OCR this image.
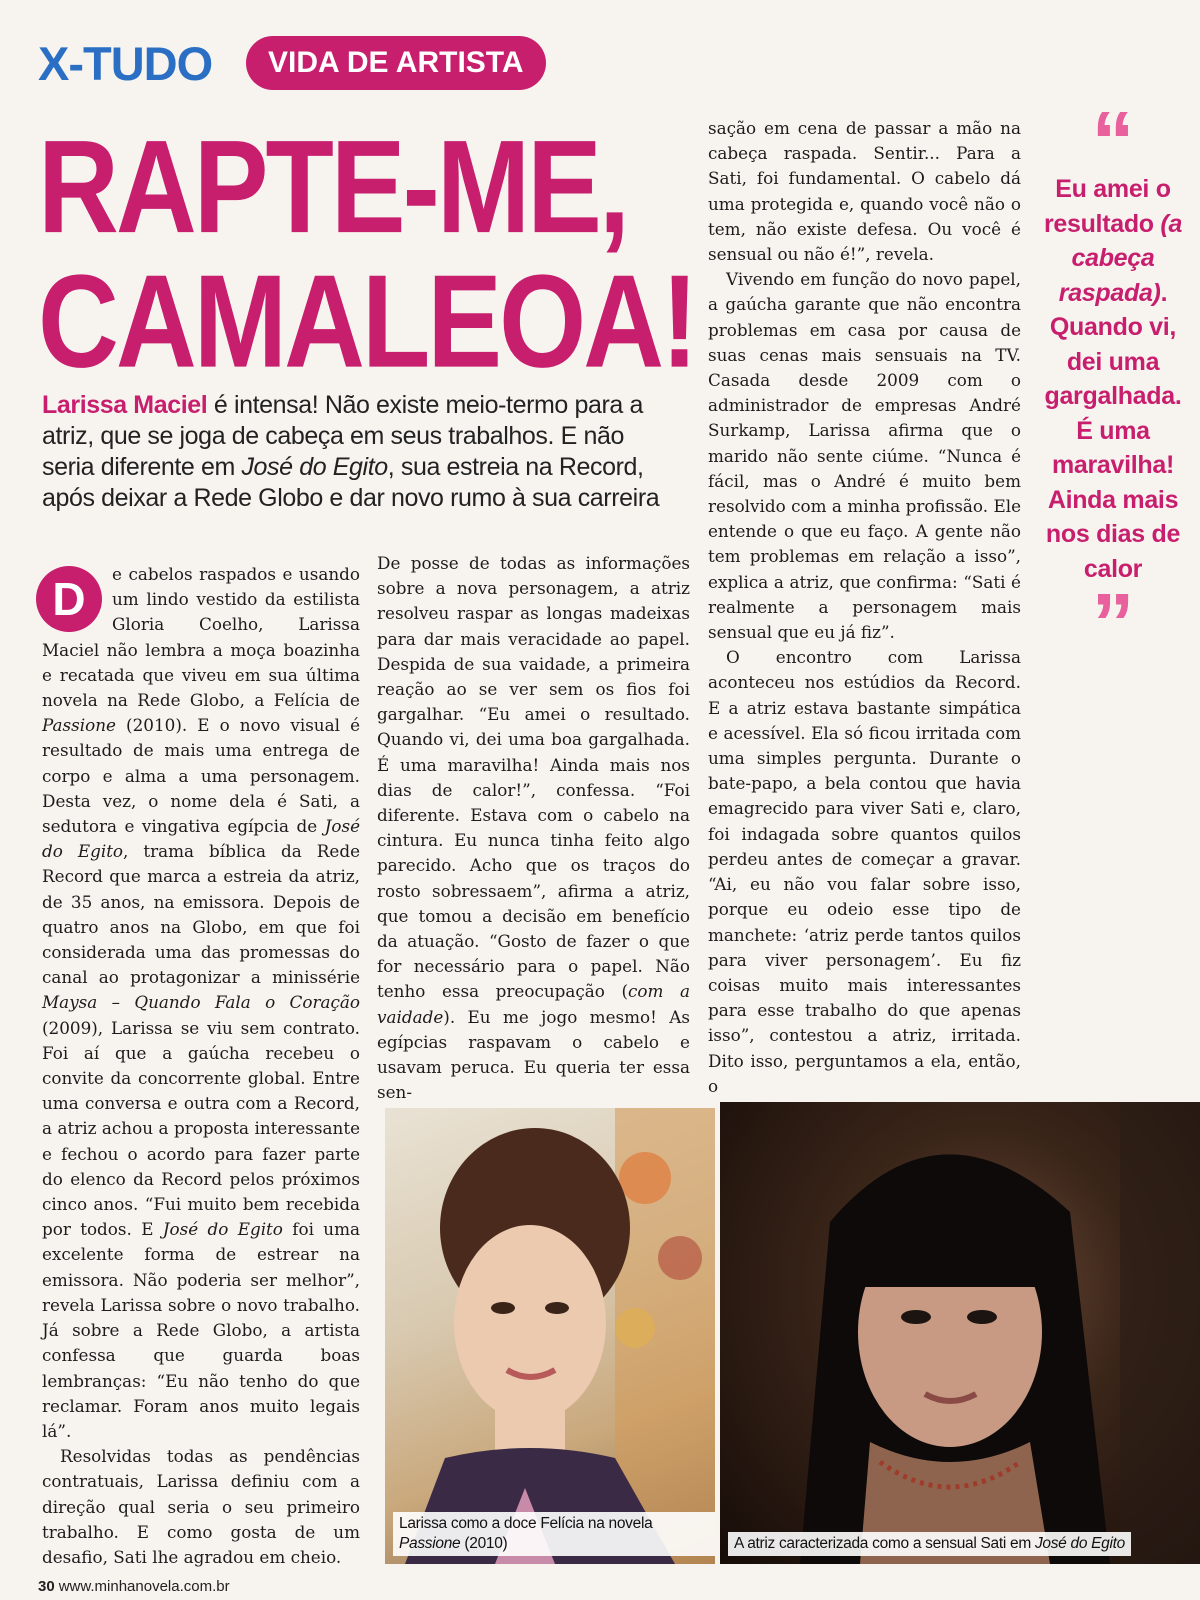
X-TUDO	VIDA DE ARTISTA
RAPTE-ME,
CAMALEOA!

Larissa Maciel é intensa! Não existe meio-termo para a atriz, que se joga de cabeça em seus trabalhos. E não seria diferente em José do Egito, sua estreia na Record, após deixar a Rede Globo e dar novo rumo à sua carreira

D	e cabelos raspados e usando um lindo vestido da estilista Gloria Coelho, Larissa Maciel não lembra a moça boazinha e recatada que viveu em sua última novela na Rede Globo, a Felícia de Passione (2010). E o novo visual é resultado de mais uma entrega de corpo e alma a uma personagem. Desta vez, o nome dela é Sati, a sedutora e vingativa egípcia de José do Egito, trama bíblica da Rede Record que marca a estreia da atriz, de 35 anos, na emissora. Depois de quatro anos na Globo, em que foi considerada uma das promessas do canal ao protagonizar a minissérie Maysa – Quando Fala o Coração (2009), Larissa se viu sem contrato. Foi aí que a gaúcha recebeu o convite da concorrente global. Entre uma conversa e outra com a Record, a atriz achou a proposta interessante e fechou o acordo para fazer parte do elenco da Record pelos próximos cinco anos. “Fui muito bem recebida por todos. E José do Egito foi uma excelente forma de estrear na emissora. Não poderia ser melhor”, revela Larissa sobre o novo trabalho. Já sobre a Rede Globo, a artista confessa que guarda boas lembranças: “Eu não tenho do que reclamar. Foram anos muito legais lá”.

Resolvidas todas as pendências contratuais, Larissa definiu com a direção qual seria o seu primeiro trabalho. E como gosta de um desafio, Sati lhe agradou em cheio.

De posse de todas as informações sobre a nova personagem, a atriz resolveu raspar as longas madeixas para dar mais veracidade ao papel. Despida de sua vaidade, a primeira reação ao se ver sem os fios foi gargalhar. “Eu amei o resultado. Quando vi, dei uma boa gargalhada. É uma maravilha! Ainda mais nos dias de calor!”, confessa. “Foi diferente. Estava com o cabelo na cintura. Eu nunca tinha feito algo parecido. Acho que os traços do rosto sobressaem”, afirma a atriz, que tomou a decisão em benefício da atuação. “Gosto de fazer o que for necessário para o papel. Não tenho essa preocupação (com a vaidade). Eu me jogo mesmo! As egípcias raspavam o cabelo e usavam peruca. Eu queria ter essa sen-

sação em cena de passar a mão na cabeça raspada. Sentir... Para a Sati, foi fundamental. O cabelo dá uma protegida e, quando você não o tem, não existe defesa. Ou você é sensual ou não é!”, revela.

Vivendo em função do novo papel, a gaúcha garante que não encontra problemas em casa por causa de suas cenas mais sensuais na TV. Casada desde 2009 com o administrador de empresas André Surkamp, Larissa afirma que o marido não sente ciúme. “Nunca é fácil, mas o André é muito bem resolvido com a minha profissão. Ele entende o que eu faço. A gente não tem problemas em relação a isso”, explica a atriz, que confirma: “Sati é realmente a personagem mais sensual que eu já fiz”.

O encontro com Larissa aconteceu nos estúdios da Record. E a atriz estava bastante simpática e acessível. Ela só ficou irritada com uma simples pergunta. Durante o bate-papo, a bela contou que havia emagrecido para viver Sati e, claro, foi indagada sobre quantos quilos perdeu antes de começar a gravar. “Ai, eu não vou falar sobre isso, porque eu odeio esse tipo de manchete: ‘atriz perde tantos quilos para viver personagem’. Eu fiz coisas muito mais interessantes para esse trabalho do que apenas isso”, contestou a atriz, irritada. Dito isso, perguntamos a ela, então, o

“
Eu amei o resultado (a cabeça raspada). Quando vi, dei uma gargalhada. É uma maravilha! Ainda mais nos dias de calor
”
Larissa como a doce Felícia na novela Passione (2010)	A atriz caracterizada como a sensual Sati em José do Egito
30 www.minhanovela.com.br
